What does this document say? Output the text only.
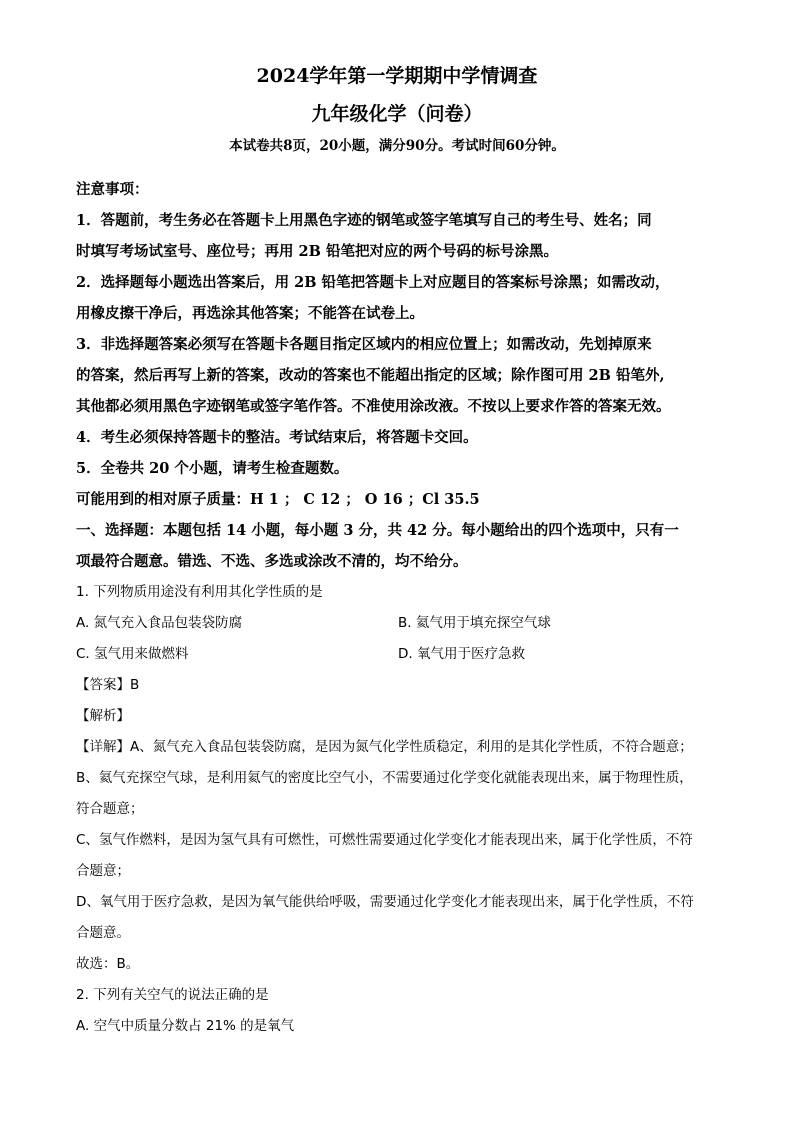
2024学年第一学期期中学情调查
九年级化学（问卷）
本试卷共8页，20小题，满分90分。考试时间60分钟。

注意事项：

1．答题前，考生务必在答题卡上用黑色字迹的钢笔或签字笔填写自己的考生号、姓名；同

时填写考场试室号、座位号；再用 2B 铅笔把对应的两个号码的标号涂黑。

2．选择题每小题选出答案后，用 2B 铅笔把答题卡上对应题目的答案标号涂黑；如需改动，

用橡皮擦干净后，再选涂其他答案；不能答在试卷上。

3．非选择题答案必须写在答题卡各题目指定区域内的相应位置上；如需改动，先划掉原来

的答案，然后再写上新的答案，改动的答案也不能超出指定的区域；除作图可用 2B 铅笔外,

其他都必须用黑色字迹钢笔或签字笔作答。不准使用涂改液。不按以上要求作答的答案无效。

4．考生必须保持答题卡的整洁。考试结束后，将答题卡交回。

5．全卷共 20 个小题，请考生检查题数。

可能用到的相对原子质量：H 1 ； C 12 ； O 16 ；Cl 35.5

一、选择题：本题包括 14 小题，每小题 3 分，共 42 分。每小题给出的四个选项中，只有一

项最符合题意。错选、不选、多选或涂改不清的，均不给分。

1. 下列物质用途没有利用其化学性质的是

A. 氮气充入食品包装袋防腐	B. 氦气用于填充探空气球
C. 氢气用来做燃料	D. 氧气用于医疗急救

【答案】B

【解析】

【详解】A、氮气充入食品包装袋防腐，是因为氮气化学性质稳定，利用的是其化学性质，不符合题意；

B、氦气充探空气球，是利用氦气的密度比空气小，不需要通过化学变化就能表现出来，属于物理性质，

符合题意；

C、氢气作燃料，是因为氢气具有可燃性，可燃性需要通过化学变化才能表现出来，属于化学性质，不符

合题意；

D、氧气用于医疗急救，是因为氧气能供给呼吸，需要通过化学变化才能表现出来，属于化学性质，不符

合题意。

故选：B。

2. 下列有关空气的说法正确的是

A. 空气中质量分数占 21% 的是氧气
